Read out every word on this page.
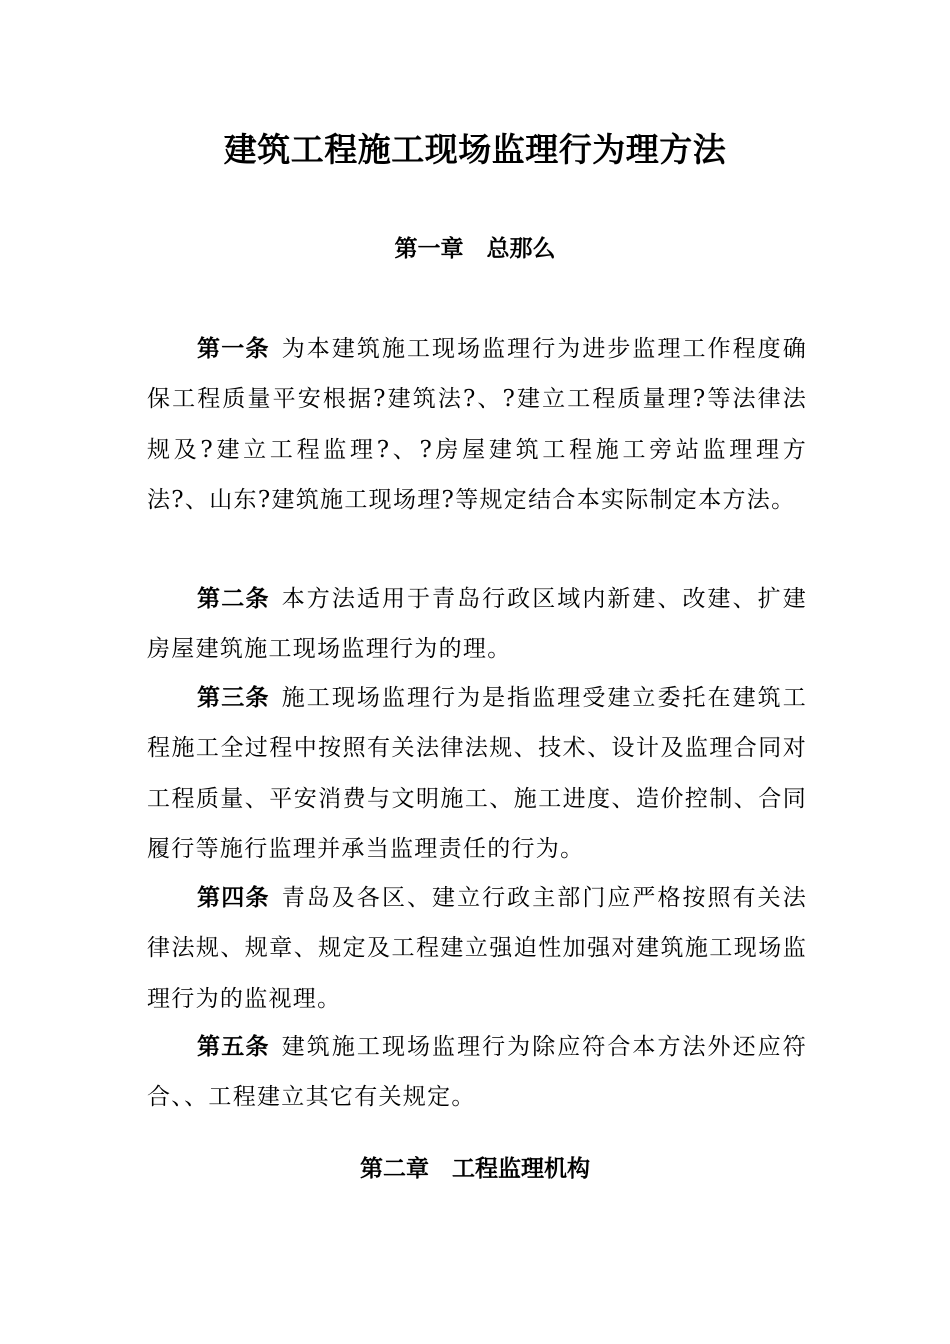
建筑工程施工现场监理行为理方法
第一章　总那么

第一条 为本建筑施工现场监理行为进步监理工作程度确保工程质量平安根据?建筑法?、?建立工程质量理?等法律法规及?建立工程监理?、?房屋建筑工程施工旁站监理理方法?、山东?建筑施工现场理?等规定结合本实际制定本方法。

第二条 本方法适用于青岛行政区域内新建、改建、扩建房屋建筑施工现场监理行为的理。

第三条 施工现场监理行为是指监理受建立委托在建筑工程施工全过程中按照有关法律法规、技术、设计及监理合同对工程质量、平安消费与文明施工、施工进度、造价控制、合同履行等施行监理并承当监理责任的行为。

第四条 青岛及各区、建立行政主部门应严格按照有关法律法规、规章、规定及工程建立强迫性加强对建筑施工现场监理行为的监视理。

第五条 建筑施工现场监理行为除应符合本方法外还应符合、、工程建立其它有关规定。

第二章　工程监理机构
